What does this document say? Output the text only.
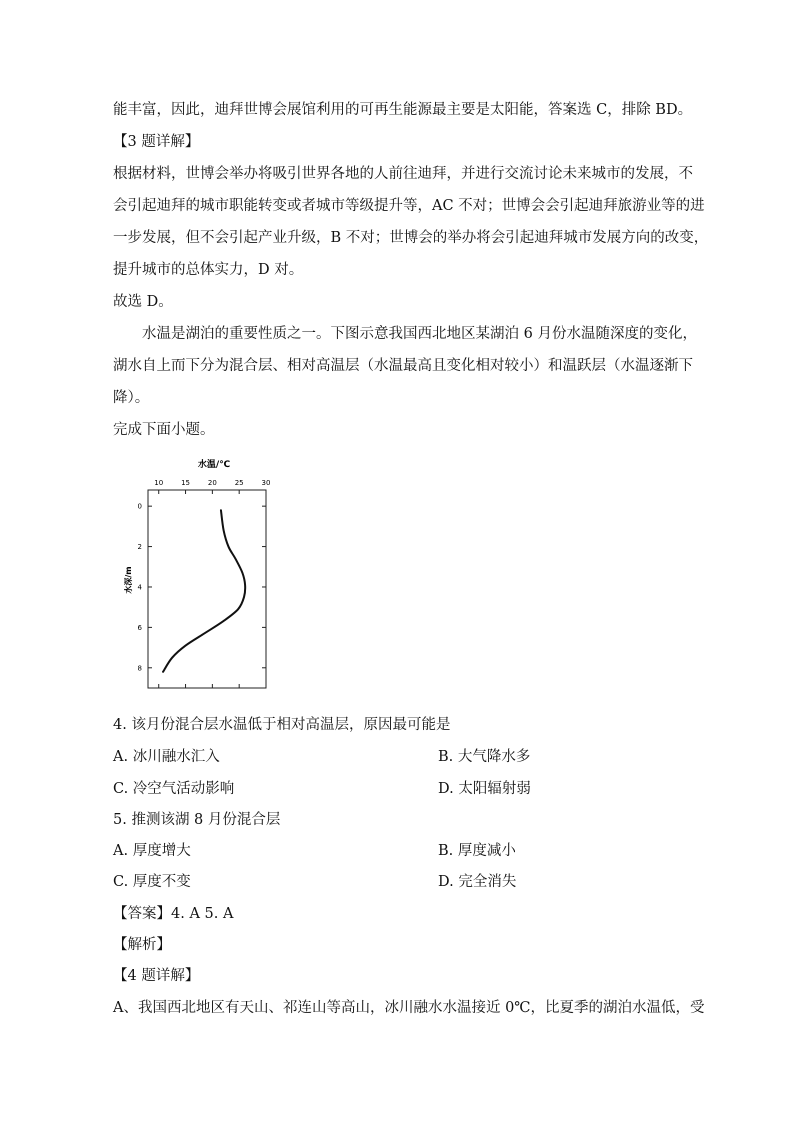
能丰富，因此，迪拜世博会展馆利用的可再生能源最主要是太阳能，答案选 C，排除 BD。
【3 题详解】
根据材料，世博会举办将吸引世界各地的人前往迪拜，并进行交流讨论未来城市的发展，不
会引起迪拜的城市职能转变或者城市等级提升等，AC 不对；世博会会引起迪拜旅游业等的进
一步发展，但不会引起产业升级，B 不对；世博会的举办将会引起迪拜城市发展方向的改变，
提升城市的总体实力，D 对。
故选 D。
水温是湖泊的重要性质之一。下图示意我国西北地区某湖泊 6 月份水温随深度的变化，
湖水自上而下分为混合层、相对高温层（水温最高且变化相对较小）和温跃层（水温逐渐下
降）。
完成下面小题。
水温/℃
水深/m
10	15	20	25	30
0
2
4
6
8
4. 该月份混合层水温低于相对高温层，原因最可能是
A. 冰川融水汇入	B. 大气降水多
C. 冷空气活动影响	D. 太阳辐射弱
5. 推测该湖 8 月份混合层
A. 厚度增大	B. 厚度减小
C. 厚度不变	D. 完全消失
【答案】4. A 5. A
【解析】
【4 题详解】
A、我国西北地区有天山、祁连山等高山，冰川融水水温接近 0℃，比夏季的湖泊水温低，受
